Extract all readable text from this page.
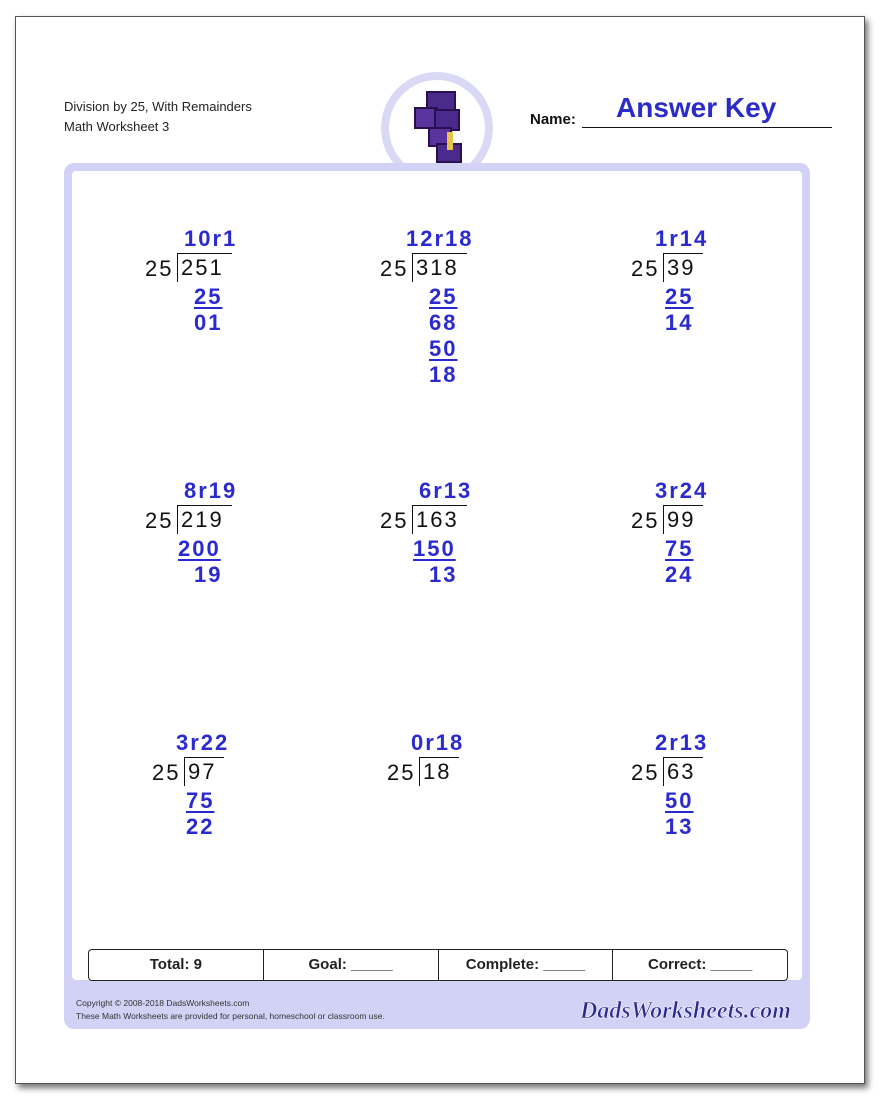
Division by 25, With Remainders
Math Worksheet 3	Name: Answer Key
10r1
25 251
25
01
12r18
25 318
25
68
50
18
1r14
25 39
25
14
8r19
25 219
200
19
6r13
25 163
150
13
3r24
25 99
75
24
3r22
25 97
75
22
0r18
25 18
2r13
25 63
50
13
Total: 9	Goal: _____	Complete: _____	Correct: _____
Copyright © 2008-2018 DadsWorksheets.com
These Math Worksheets are provided for personal, homeschool or classroom use.	DadsWorksheets.com
